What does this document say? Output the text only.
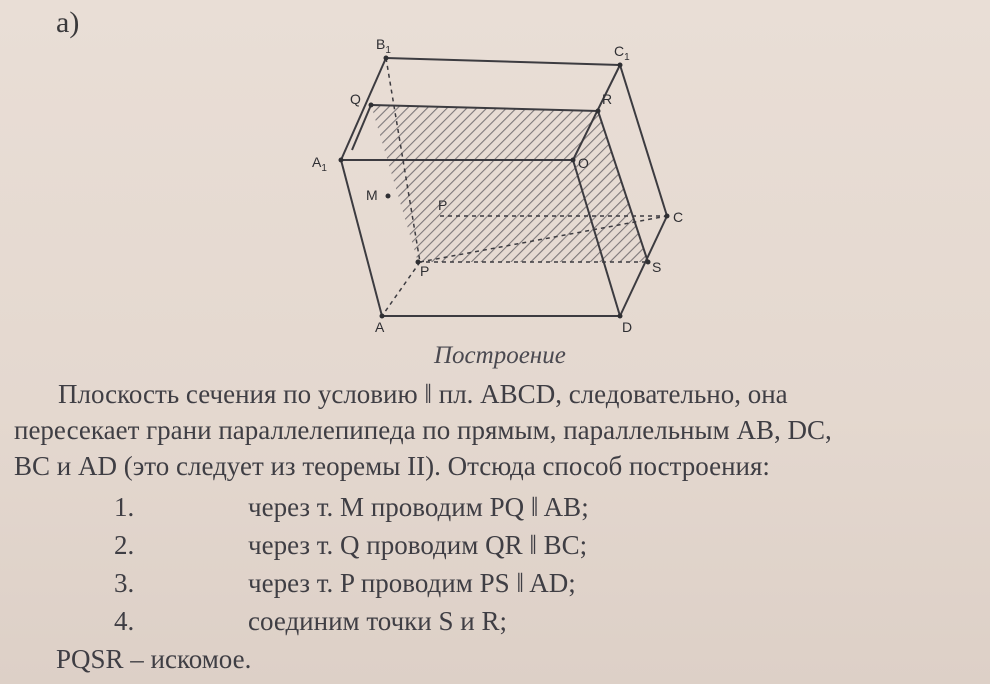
а)
$B_1$	$C_1$
$A_1$
Q	R
O
M
P
P
C
S
A	D
Построение
Плоскость сечения по условию ‖ пл. ABCD, следовательно, она
пересекает грани параллелепипеда по прямым, параллельным AB, DC,
BC и AD (это следует из теоремы II). Отсюда способ построения:
1.	через т. M проводим PQ ‖ AB;
2.	через т. Q проводим QR ‖ BC;
3.	через т. P проводим PS ‖ AD;
4.	соединим точки S и R;
PQSR – искомое.
